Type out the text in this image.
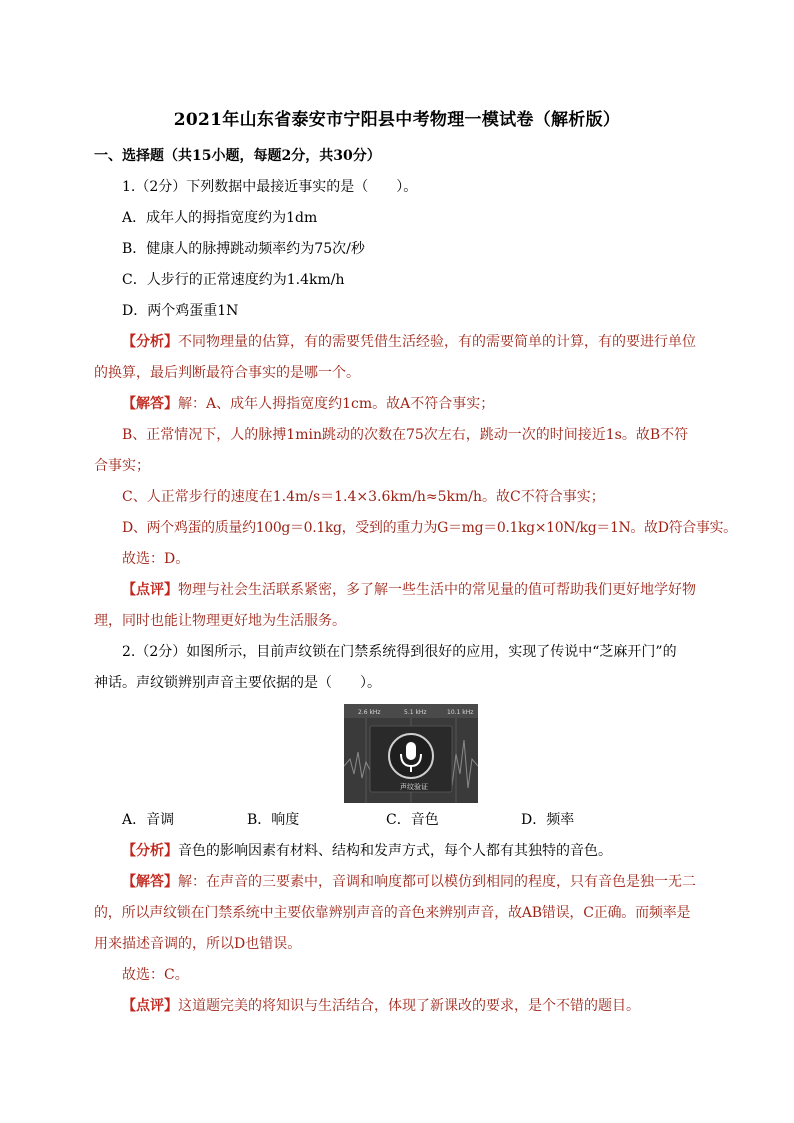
2021年山东省泰安市宁阳县中考物理一模试卷（解析版）
一、选择题（共15小题，每题2分，共30分）
1.（2分）下列数据中最接近事实的是（　　）。
A．成年人的拇指宽度约为1dm
B．健康人的脉搏跳动频率约为75次/秒
C．人步行的正常速度约为1.4km/h
D．两个鸡蛋重1N
【分析】不同物理量的估算，有的需要凭借生活经验，有的需要简单的计算，有的要进行单位
的换算，最后判断最符合事实的是哪一个。
【解答】解：A、成年人拇指宽度约1cm。故A不符合事实；
B、正常情况下，人的脉搏1min跳动的次数在75次左右，跳动一次的时间接近1s。故B不符
合事实；
C、人正常步行的速度在1.4m/s＝1.4×3.6km/h≈5km/h。故C不符合事实；
D、两个鸡蛋的质量约100g＝0.1kg，受到的重力为G＝mg＝0.1kg×10N/kg＝1N。故D符合事实。
故选：D。
【点评】物理与社会生活联系紧密，多了解一些生活中的常见量的值可帮助我们更好地学好物
理，同时也能让物理更好地为生活服务。
2.（2分）如图所示，目前声纹锁在门禁系统得到很好的应用，实现了传说中“芝麻开门”的
神话。声纹锁辨别声音主要依据的是（　　）。
2.6 kHz	5.1 kHz	10.1 kHz
声纹验证
A．音调	B．响度	C．音色	D．频率
【分析】音色的影响因素有材料、结构和发声方式，每个人都有其独特的音色。
【解答】解：在声音的三要素中，音调和响度都可以模仿到相同的程度，只有音色是独一无二
的，所以声纹锁在门禁系统中主要依靠辨别声音的音色来辨别声音，故AB错误，C正确。而频率是
用来描述音调的，所以D也错误。
故选：C。
【点评】这道题完美的将知识与生活结合，体现了新课改的要求，是个不错的题目。
